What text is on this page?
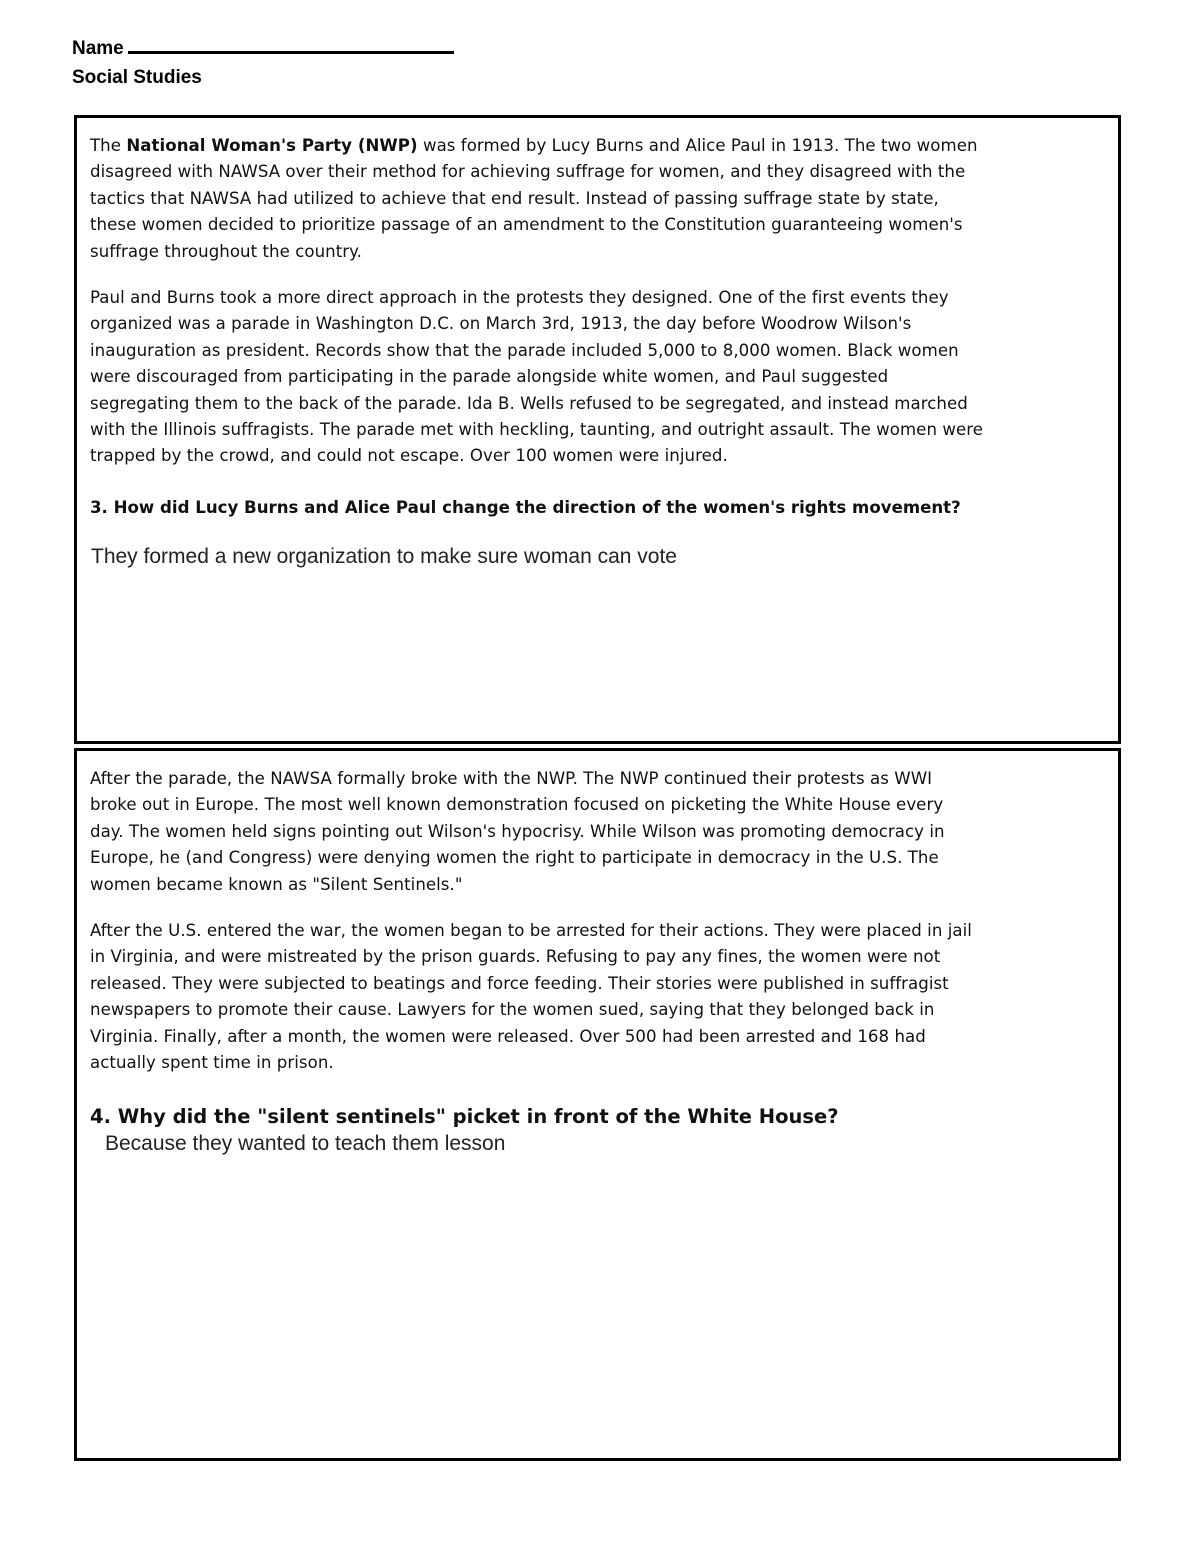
Name
Social Studies

The National Woman's Party (NWP) was formed by Lucy Burns and Alice Paul in 1913. The two women
disagreed with NAWSA over their method for achieving suffrage for women, and they disagreed with the
tactics that NAWSA had utilized to achieve that end result. Instead of passing suffrage state by state,
these women decided to prioritize passage of an amendment to the Constitution guaranteeing women's
suffrage throughout the country.

Paul and Burns took a more direct approach in the protests they designed. One of the first events they
organized was a parade in Washington D.C. on March 3rd, 1913, the day before Woodrow Wilson's
inauguration as president. Records show that the parade included 5,000 to 8,000 women. Black women
were discouraged from participating in the parade alongside white women, and Paul suggested
segregating them to the back of the parade. Ida B. Wells refused to be segregated, and instead marched
with the Illinois suffragists. The parade met with heckling, taunting, and outright assault. The women were
trapped by the crowd, and could not escape. Over 100 women were injured.

3. How did Lucy Burns and Alice Paul change the direction of the women's rights movement?

They formed a new organization to make sure woman can vote

After the parade, the NAWSA formally broke with the NWP. The NWP continued their protests as WWI
broke out in Europe. The most well known demonstration focused on picketing the White House every
day. The women held signs pointing out Wilson's hypocrisy. While Wilson was promoting democracy in
Europe, he (and Congress) were denying women the right to participate in democracy in the U.S. The
women became known as "Silent Sentinels."

After the U.S. entered the war, the women began to be arrested for their actions. They were placed in jail
in Virginia, and were mistreated by the prison guards. Refusing to pay any fines, the women were not
released. They were subjected to beatings and force feeding. Their stories were published in suffragist
newspapers to promote their cause. Lawyers for the women sued, saying that they belonged back in
Virginia. Finally, after a month, the women were released. Over 500 had been arrested and 168 had
actually spent time in prison.

4. Why did the "silent sentinels" picket in front of the White House?

Because they wanted to teach them lesson
